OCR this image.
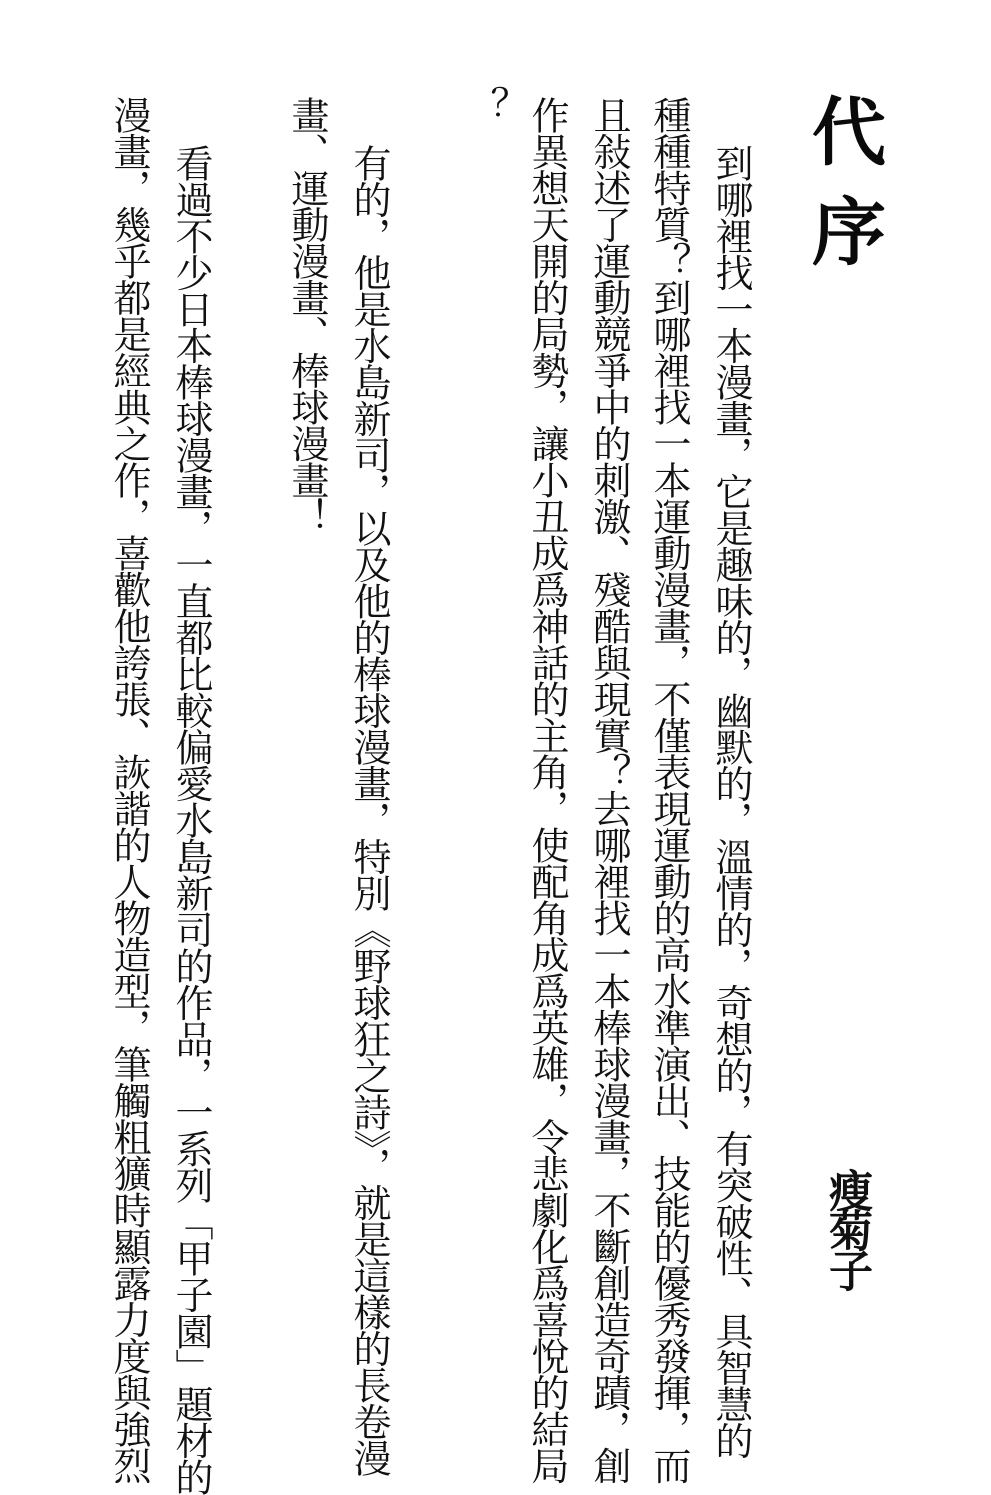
代
序
到哪裡找一本漫畫，它是趣味的，幽默的，溫情的，奇想的，有突破性、具智慧的
種種特質？到哪裡找一本運動漫畫，不僅表現運動的高水準演出、技能的優秀發揮，而
且敍述了運動競爭中的刺激、殘酷與現實？去哪裡找一本棒球漫畫，不斷創造奇蹟，創
作異想天開的局勢，讓小丑成爲神話的主角，使配角成爲英雄，令悲劇化爲喜悅的結局
？
有的，他是水島新司，以及他的棒球漫畫，特別《野球狂之詩》，就是這樣的長卷漫
畫、運動漫畫、棒球漫畫！
看過不少日本棒球漫畫，一直都比較偏愛水島新司的作品，一系列「甲子園」題材的
漫畫，幾乎都是經典之作，喜歡他誇張、詼諧的人物造型，筆觸粗獷時顯露力度與強烈	瘦菊子
